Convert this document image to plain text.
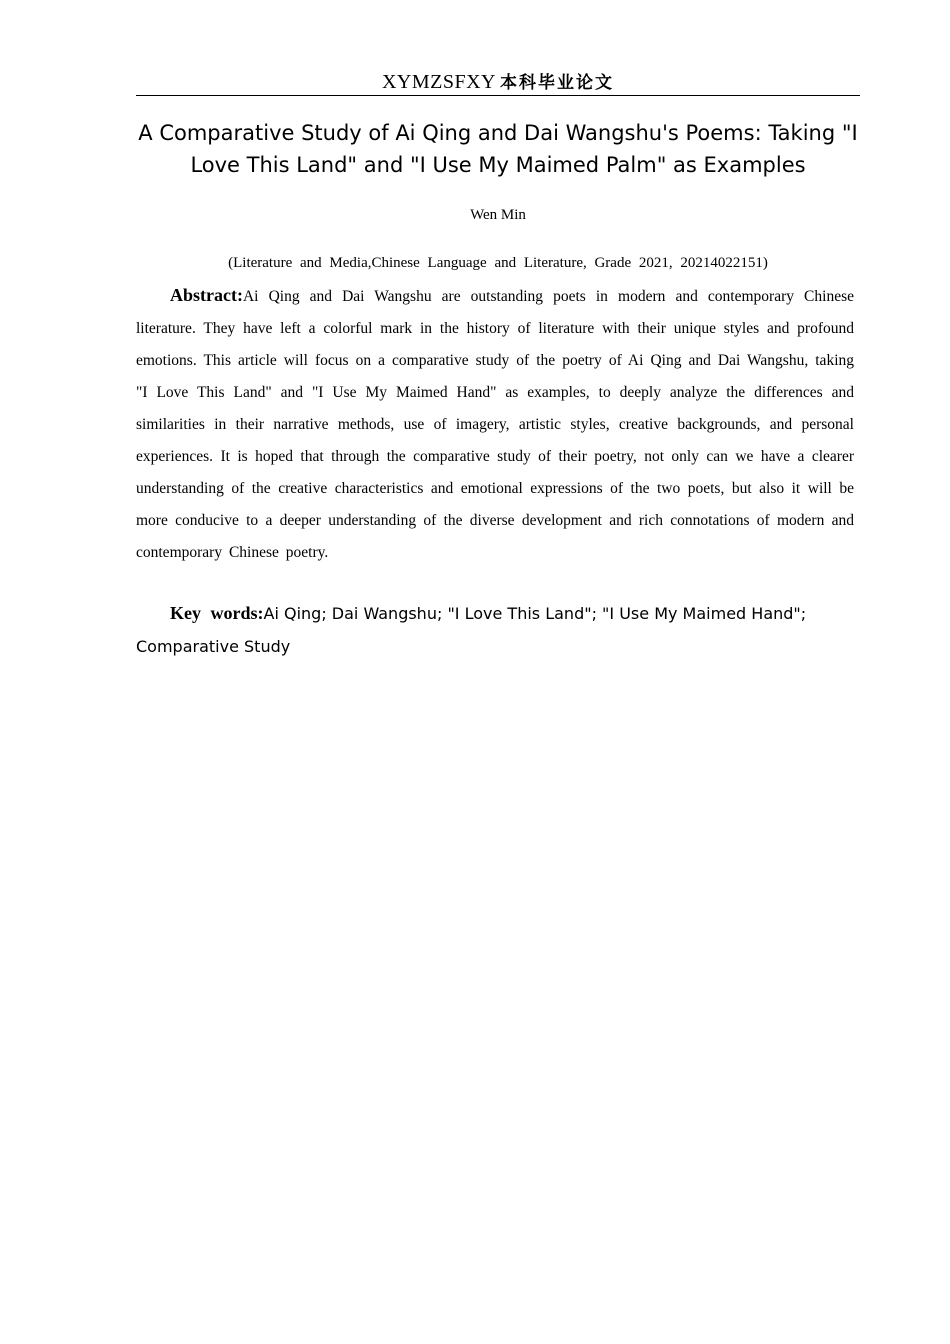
XYMZSFXY 本科毕业论文
A Comparative Study of Ai Qing and Dai Wangshu's Poems: Taking "I Love This Land" and "I Use My Maimed Palm" as Examples
Wen Min
(Literature and Media,Chinese Language and Literature, Grade 2021, 20214022151)

Abstract:Ai Qing and Dai Wangshu are outstanding poets in modern and contemporary Chinese literature. They have left a colorful mark in the history of literature with their unique styles and profound emotions. This article will focus on a comparative study of the poetry of Ai Qing and Dai Wangshu, taking "I Love This Land" and "I Use My Maimed Hand" as examples, to deeply analyze the differences and similarities in their narrative methods, use of imagery, artistic styles, creative backgrounds, and personal experiences. It is hoped that through the comparative study of their poetry, not only can we have a clearer understanding of the creative characteristics and emotional expressions of the two poets, but also it will be more conducive to a deeper understanding of the diverse development and rich connotations of modern and contemporary Chinese poetry.

Key words:Ai Qing; Dai Wangshu; "I Love This Land"; "I Use My Maimed Hand"; Comparative Study
